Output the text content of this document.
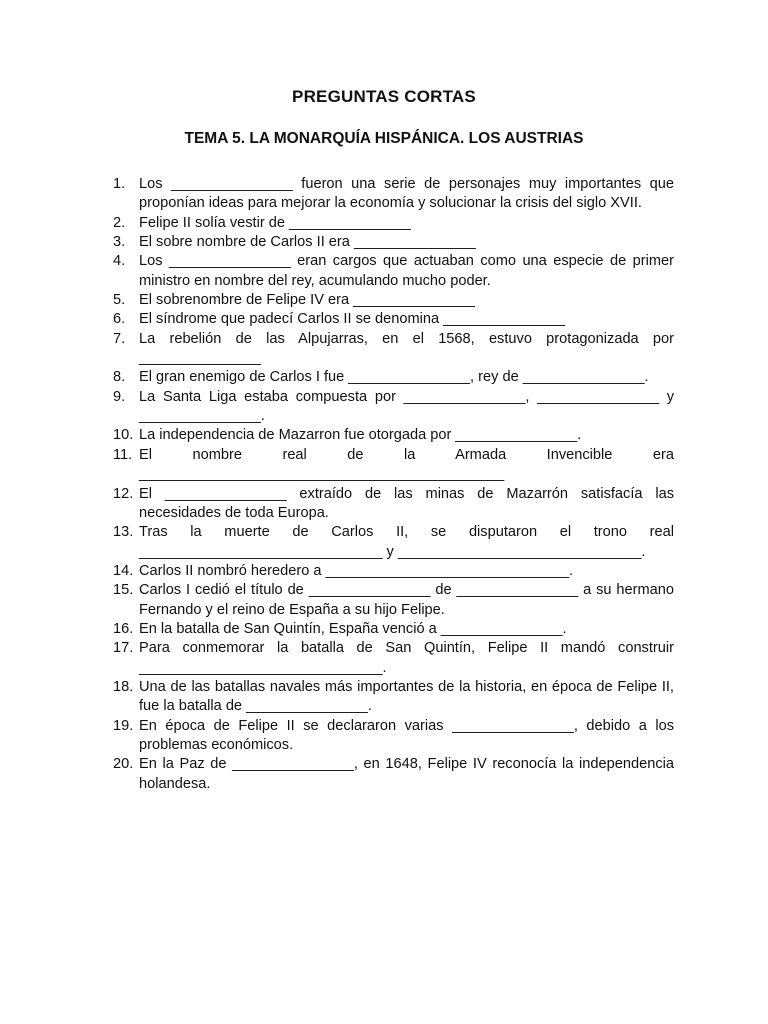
PREGUNTAS CORTAS
TEMA 5. LA MONARQUÍA HISPÁNICA. LOS AUSTRIAS
1. Los _______________ fueron una serie de personajes muy importantes que proponían ideas para mejorar la economía y solucionar la crisis del siglo XVII.
2. Felipe II solía vestir de _______________
3. El sobre nombre de Carlos II era _______________
4. Los _______________ eran cargos que actuaban como una especie de primer ministro en nombre del rey, acumulando mucho poder.
5. El sobrenombre de Felipe IV era _______________
6. El síndrome que padecí Carlos II se denomina _______________
7. La rebelión de las Alpujarras, en el 1568, estuvo protagonizada por _______________
8. El gran enemigo de Carlos I fue _______________, rey de _______________.
9. La Santa Liga estaba compuesta por _______________, _______________ y _______________.
10. La independencia de Mazarron fue otorgada por _______________.
11. El nombre real de la Armada Invencible era _____________________________________________
12. El _______________ extraído de las minas de Mazarrón satisfacía las necesidades de toda Europa.
13. Tras la muerte de Carlos II, se disputaron el trono real ______________________________ y ______________________________.
14. Carlos II nombró heredero a ______________________________.
15. Carlos I cedió el título de _______________ de _______________ a su hermano Fernando y el reino de España a su hijo Felipe.
16. En la batalla de San Quintín, España venció a _______________.
17. Para conmemorar la batalla de San Quintín, Felipe II mandó construir ______________________________.
18. Una de las batallas navales más importantes de la historia, en época de Felipe II, fue la batalla de _______________.
19. En época de Felipe II se declararon varias _______________, debido a los problemas económicos.
20. En la Paz de _______________, en 1648, Felipe IV reconocía la independencia holandesa.
